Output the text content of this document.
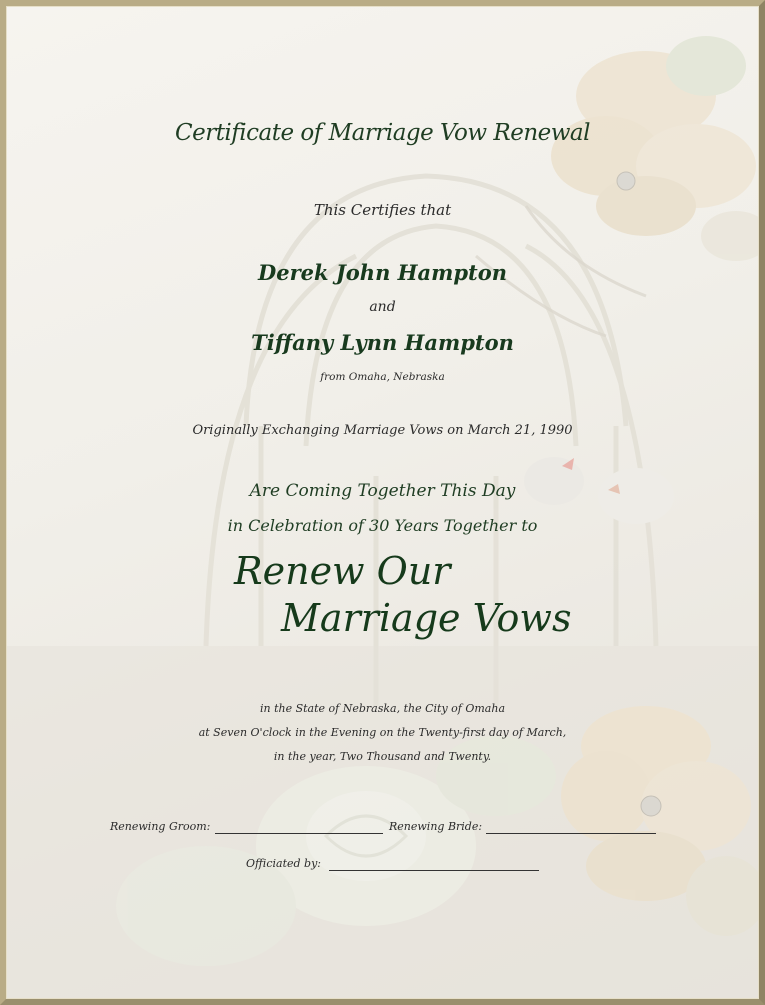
Certificate of Marriage Vow Renewal
This Certifies that
Derek John Hampton
and
Tiffany Lynn Hampton
from Omaha, Nebraska
Originally Exchanging Marriage Vows on March 21, 1990
Are Coming Together This Day
in Celebration of 30 Years Together to
Renew Our
Marriage Vows
in the State of Nebraska, the City of Omaha
at Seven O'clock in the Evening on the Twenty-first day of March,
in the year, Two Thousand and Twenty.
Renewing Groom:	Renewing Bride:
Officiated by:
